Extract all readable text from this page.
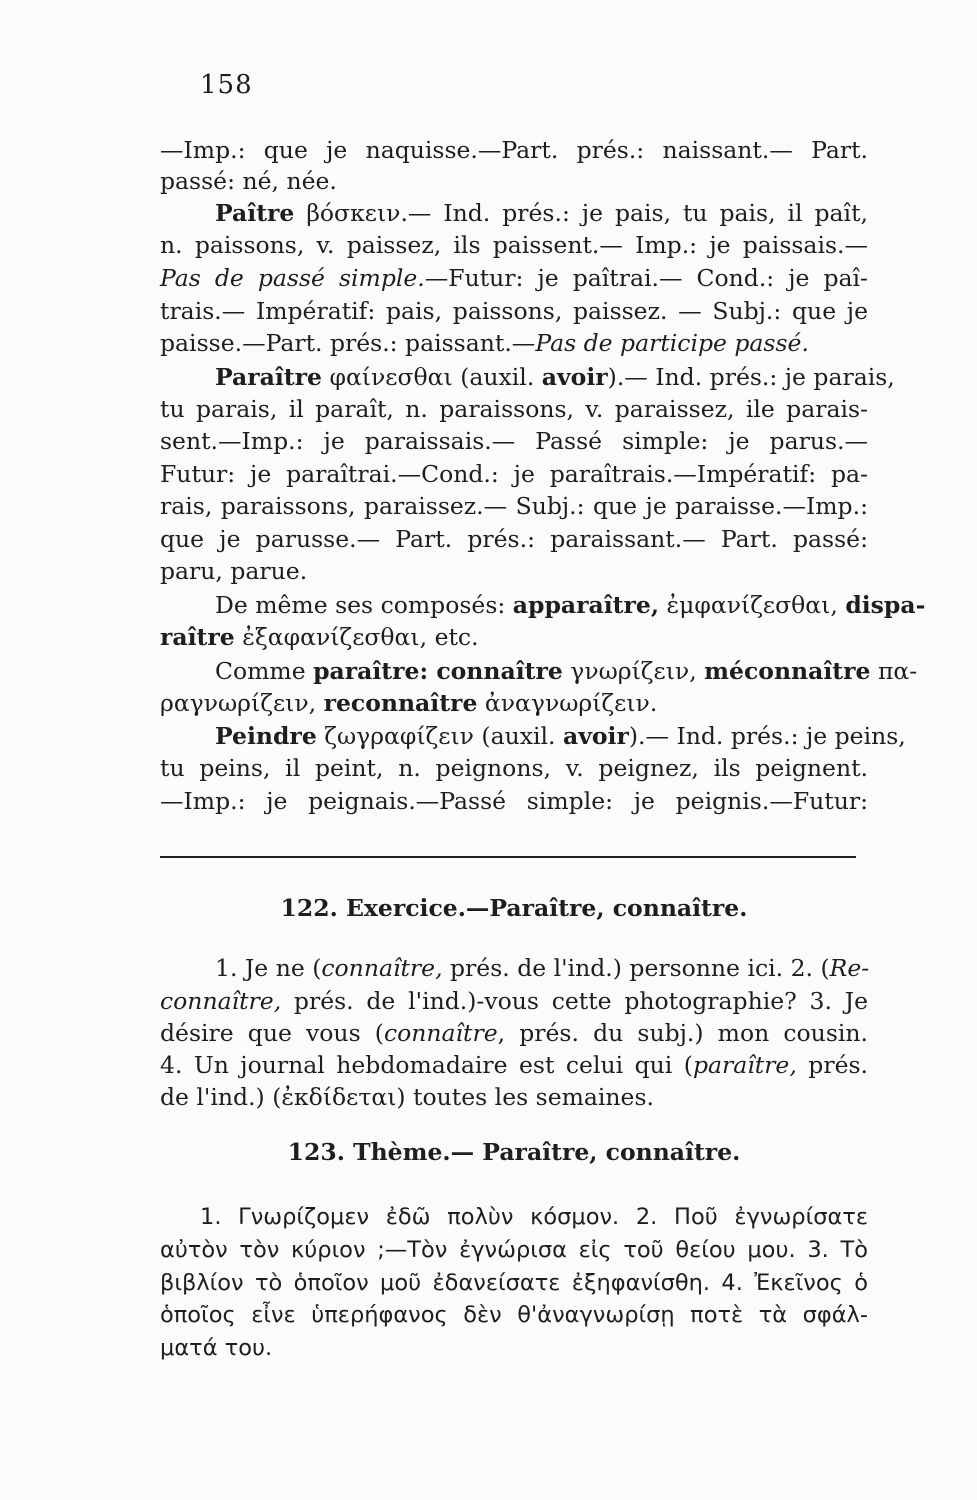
158
—Imp.: que je naquisse.—Part. prés.: naissant.— Part.
passé: né, née.
Paître βόσκειν.— Ind. prés.: je pais, tu pais, il paît,
n. paissons, v. paissez, ils paissent.— Imp.: je paissais.—
Pas de passé simple.—Futur: je paîtrai.— Cond.: je paî-
trais.— Impératif: pais, paissons, paissez. — Subj.: que je
paisse.—Part. prés.: paissant.—Pas de participe passé.
Paraître φαίνεσθαι (auxil. avoir).— Ind. prés.: je parais,
tu parais, il paraît, n. paraissons, v. paraissez, ile parais-
sent.—Imp.: je paraissais.— Passé simple: je parus.—
Futur: je paraîtrai.—Cond.: je paraîtrais.—Impératif: pa-
rais, paraissons, paraissez.— Subj.: que je paraisse.—Imp.:
que je parusse.— Part. prés.: paraissant.— Part. passé:
paru, parue.
De même ses composés: apparaître, ἐμφανίζεσθαι, dispa-
raître ἐξαφανίζεσθαι, etc.
Comme paraître: connaître γνωρίζειν, méconnaître πα-
ραγνωρίζειν, reconnaître ἀναγνωρίζειν.
Peindre ζωγραφίζειν (auxil. avoir).— Ind. prés.: je peins,
tu peins, il peint, n. peignons, v. peignez, ils peignent.
—Imp.: je peignais.—Passé simple: je peignis.—Futur:
122. Exercice.—Paraître, connaître.
1. Je ne (connaître, prés. de l'ind.) personne ici. 2. (Re-
connaître, prés. de l'ind.)-vous cette photographie? 3. Je
désire que vous (connaître, prés. du subj.) mon cousin.
4. Un journal hebdomadaire est celui qui (paraître, prés.
de l'ind.) (ἐκδίδεται) toutes les semaines.
123. Thème.— Paraître, connaître.
1. Γνωρίζομεν ἐδῶ πολὺν κόσμον. 2. Ποῦ ἐγνωρίσατε
αὐτὸν τὸν κύριον ;—Τὸν ἐγνώρισα εἰς τοῦ θείου μου. 3. Τὸ
βιβλίον τὸ ὁποῖον μοῦ ἐδανείσατε ἐξηφανίσθη. 4. Ἐκεῖνος ὁ
ὁποῖος εἶνε ὑπερήφανος δὲν θ'ἀναγνωρίσῃ ποτὲ τὰ σφάλ-
ματά του.
